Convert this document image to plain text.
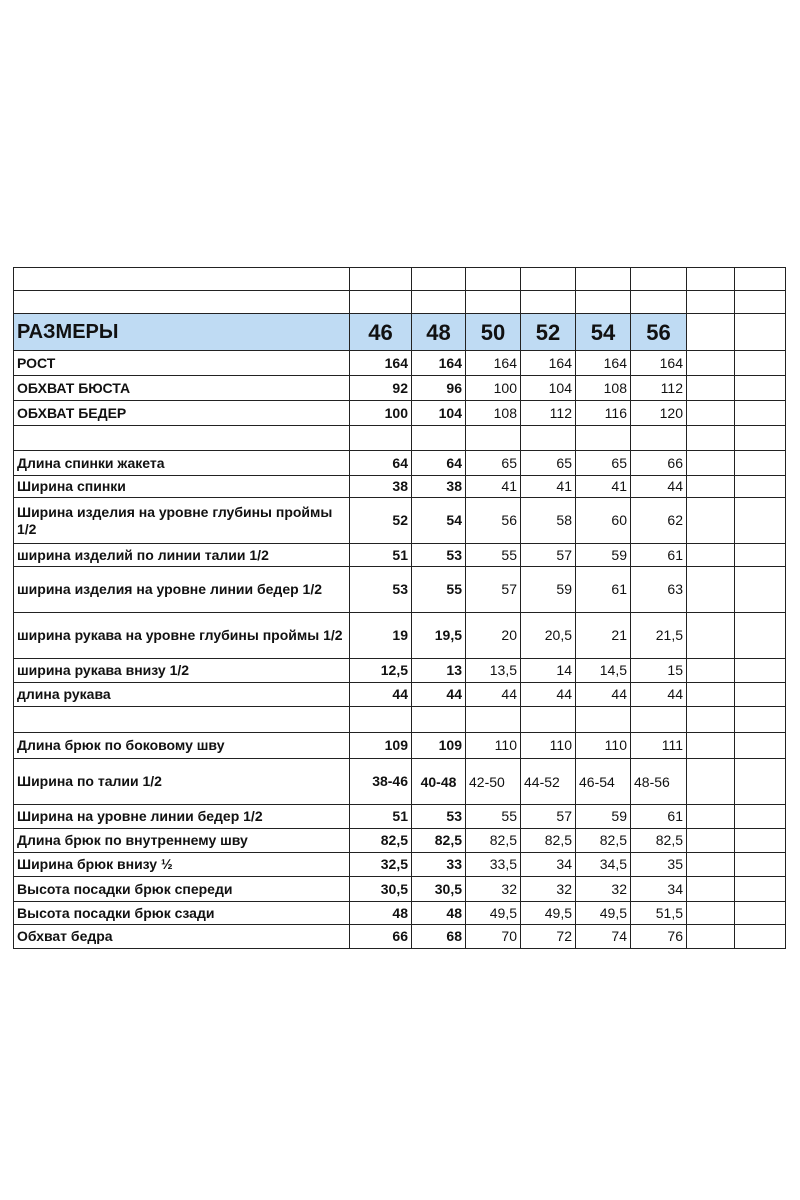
РАЗМЕРЫ	46	48	50	52	54	56		
РОСТ	164	164	164	164	164	164		
ОБХВАТ БЮСТА	92	96	100	104	108	112		
ОБХВАТ БЕДЕР	100	104	108	112	116	120		

Длина спинки жакета	64	64	65	65	65	66		
Ширина спинки	38	38	41	41	41	44		
Ширина изделия на уровне глубины проймы 1/2	52	54	56	58	60	62		
ширина изделий по линии талии 1/2	51	53	55	57	59	61		
ширина изделия на уровне линии бедер 1/2	53	55	57	59	61	63		
ширина рукава на уровне глубины проймы 1/2	19	19,5	20	20,5	21	21,5		
ширина рукава внизу 1/2	12,5	13	13,5	14	14,5	15		
длина рукава	44	44	44	44	44	44		

Длина брюк по боковому шву	109	109	110	110	110	111		
Ширина по талии 1/2	38-46	40-48	42-50	44-52	46-54	48-56		
Ширина на уровне линии бедер 1/2	51	53	55	57	59	61		
Длина брюк по внутреннему шву	82,5	82,5	82,5	82,5	82,5	82,5		
Ширина брюк внизу ½	32,5	33	33,5	34	34,5	35		
Высота посадки брюк спереди	30,5	30,5	32	32	32	34		
Высота посадки брюк сзади	48	48	49,5	49,5	49,5	51,5		
Обхват бедра	66	68	70	72	74	76		
